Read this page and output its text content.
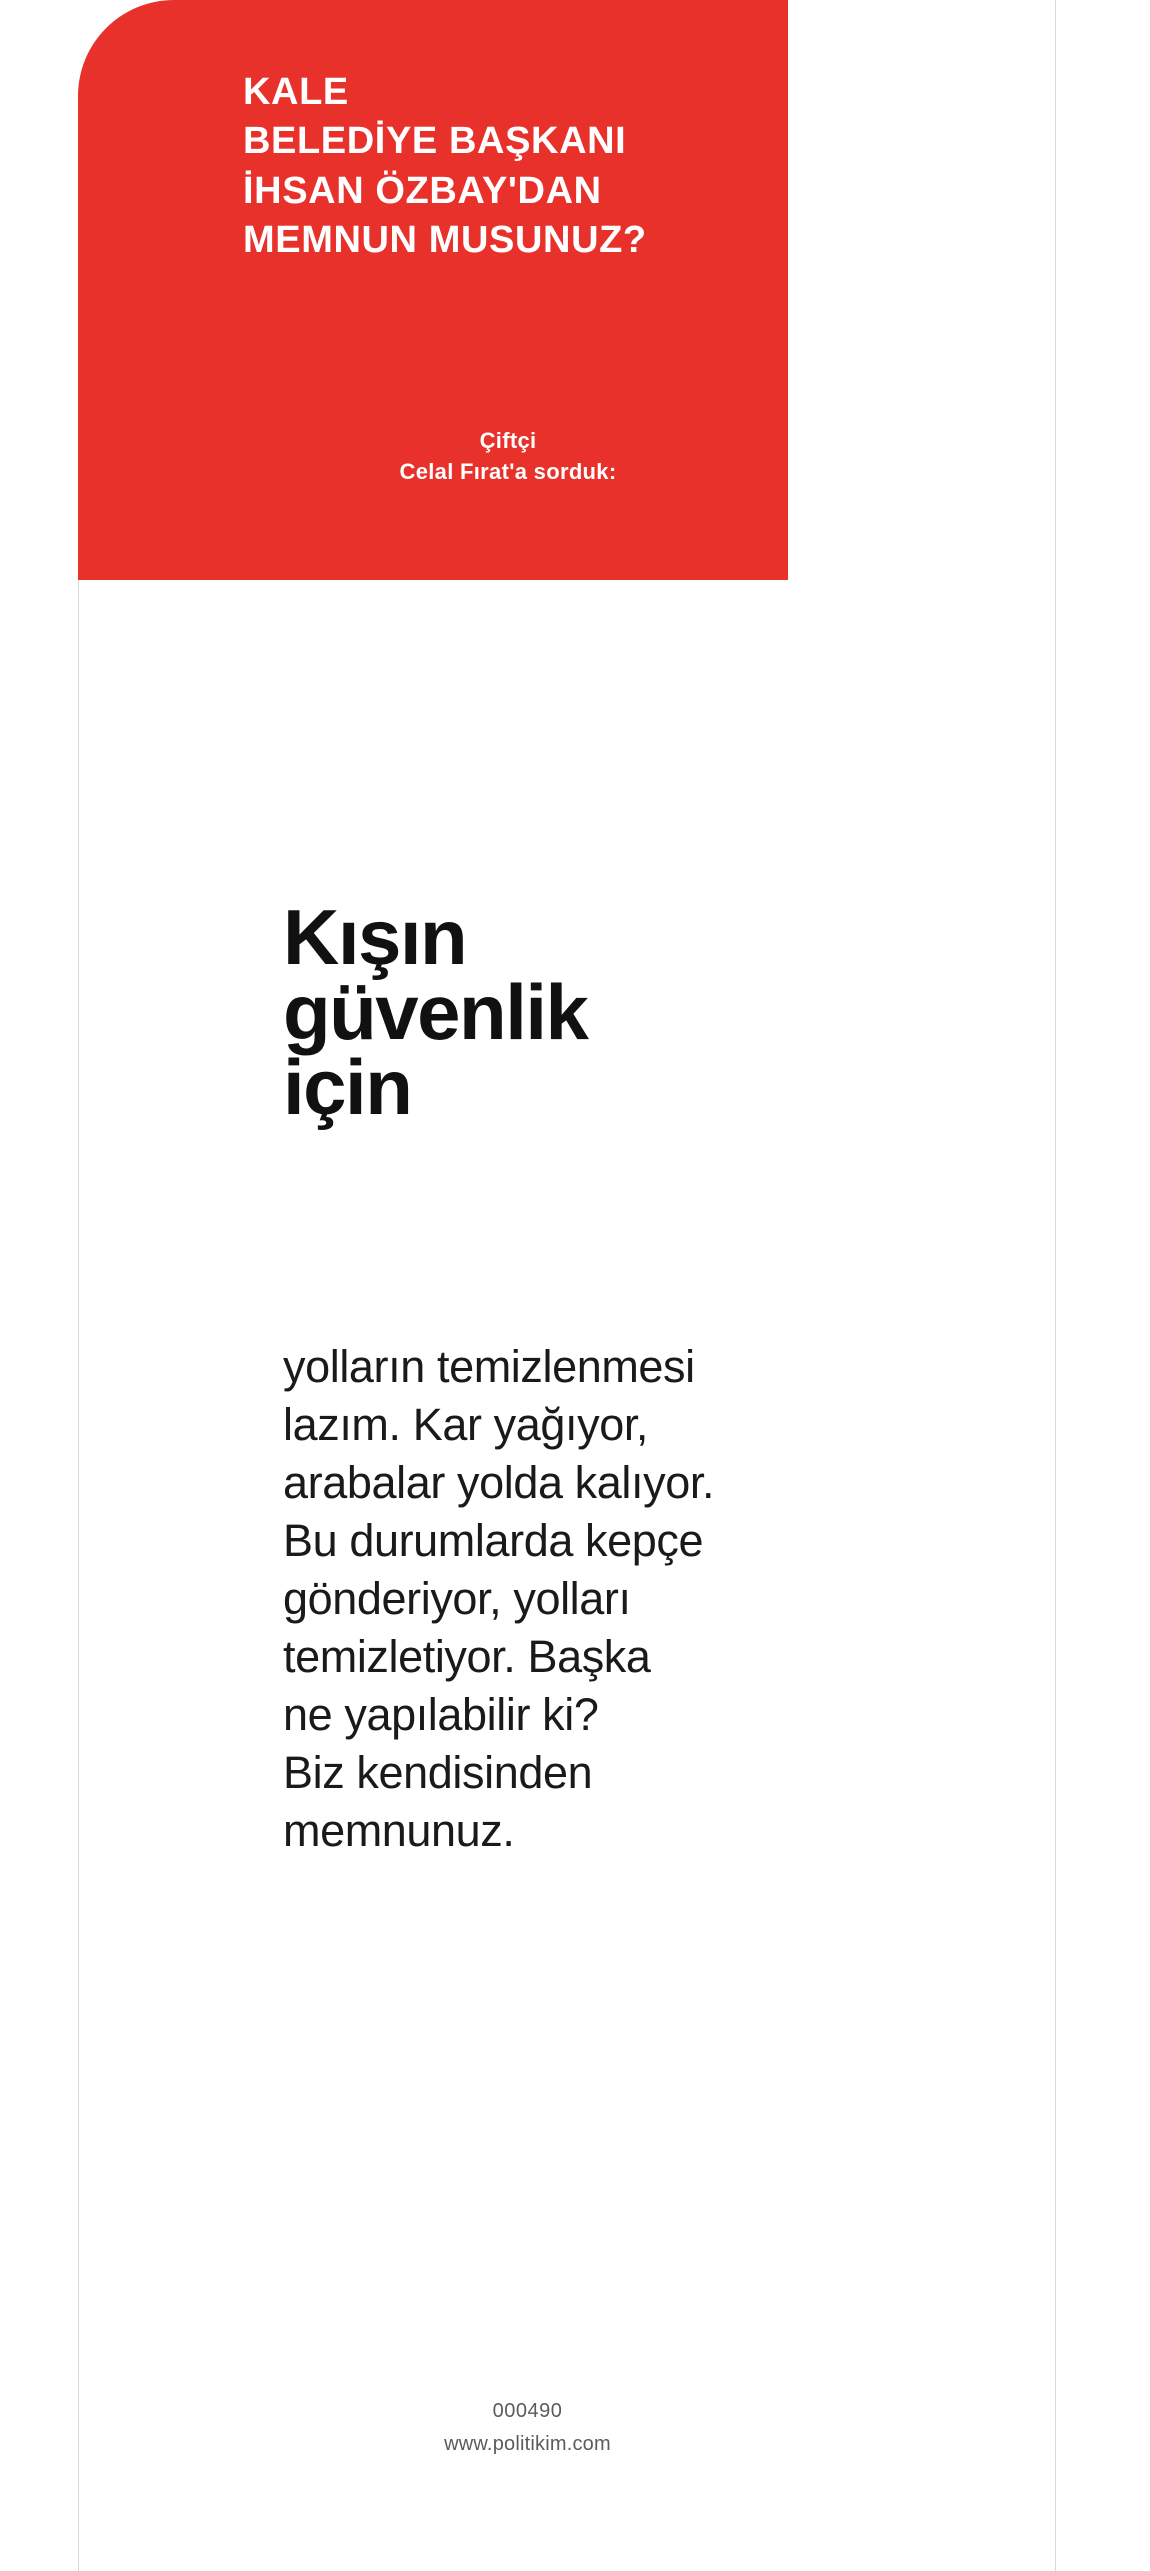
KALE
BELEDİYE BAŞKANI
İHSAN ÖZBAY'DAN
MEMNUN MUSUNUZ?
Çiftçi
Celal Fırat'a sorduk:
Kışın
güvenlik
için
yolların temizlenmesi
lazım. Kar yağıyor,
arabalar yolda kalıyor.
Bu durumlarda kepçe
gönderiyor, yolları
temizletiyor. Başka
ne yapılabilir ki?
Biz kendisinden
memnunuz.
000490
www.politikim.com
